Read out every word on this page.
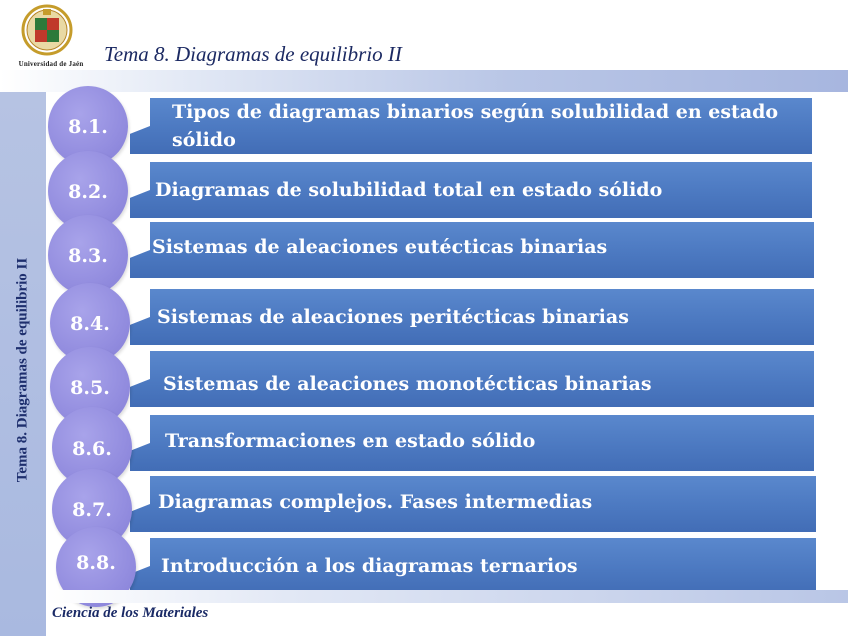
Universidad de Jaén Tema 8. Diagramas de equilibrio II
Tema 8. Diagramas de equilibrio II
Tipos de diagramas binarios según solubilidad en estado
sólido
8.1.
Diagramas de solubilidad total en estado sólido
8.2.
Sistemas de aleaciones eutécticas binarias
8.3.
Sistemas de aleaciones peritécticas binarias
8.4.
Sistemas de aleaciones monotécticas binarias
8.5.
Transformaciones en estado sólido
8.6.
Diagramas complejos. Fases intermedias
8.7.
Introducción a los diagramas ternarios
8.8.
Ciencia de los Materiales
